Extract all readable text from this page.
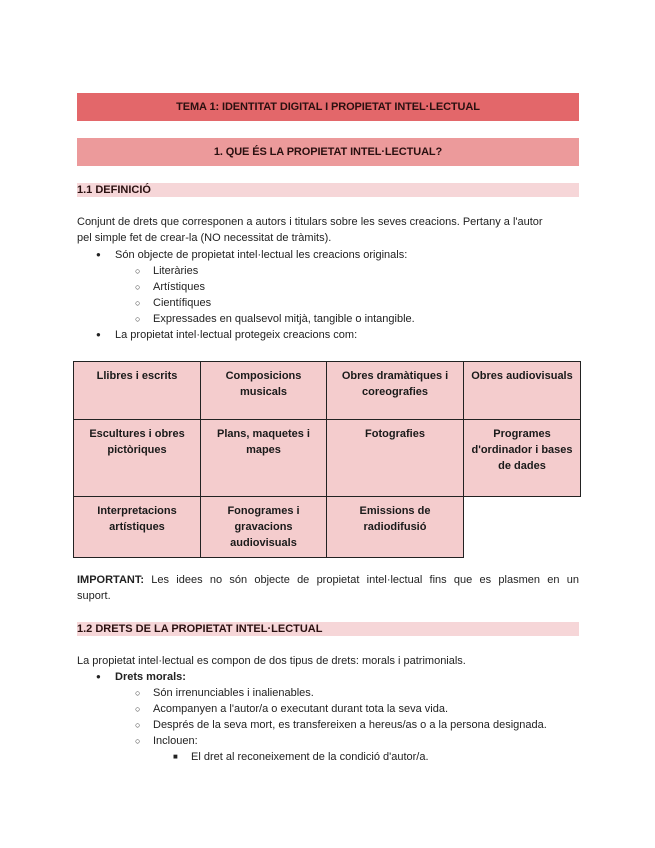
TEMA 1: IDENTITAT DIGITAL I PROPIETAT INTEL·LECTUAL
1. QUE ÉS LA PROPIETAT INTEL·LECTUAL?
1.1 DEFINICIÓ
Conjunt de drets que corresponen a autors i titulars sobre les seves creacions. Pertany a l'autor
pel simple fet de crear-la (NO necessitat de tràmits).
● Són objecte de propietat intel·lectual les creacions originals:
○ Literàries
○ Artístiques
○ Científiques
○ Expressades en qualsevol mitjà, tangible o intangible.
● La propietat intel·lectual protegeix creacions com:
Llibres i escrits	Composicions musicals	Obres dramàtiques i coreografies	Obres audiovisuals
Escultures i obres pictòriques	Plans, maquetes i mapes	Fotografies	Programes d'ordinador i bases de dades
Interpretacions artístiques	Fonogrames i gravacions audiovisuals	Emissions de radiodifusió	
IMPORTANT: Les idees no són objecte de propietat intel·lectual fins que es plasmen en un
suport.
1.2 DRETS DE LA PROPIETAT INTEL·LECTUAL
La propietat intel·lectual es compon de dos tipus de drets: morals i patrimonials.
● Drets morals:
○ Són irrenunciables i inalienables.
○ Acompanyen a l'autor/a o executant durant tota la seva vida.
○ Després de la seva mort, es transfereixen a hereus/as o a la persona designada.
○ Inclouen:
■ El dret al reconeixement de la condició d'autor/a.
